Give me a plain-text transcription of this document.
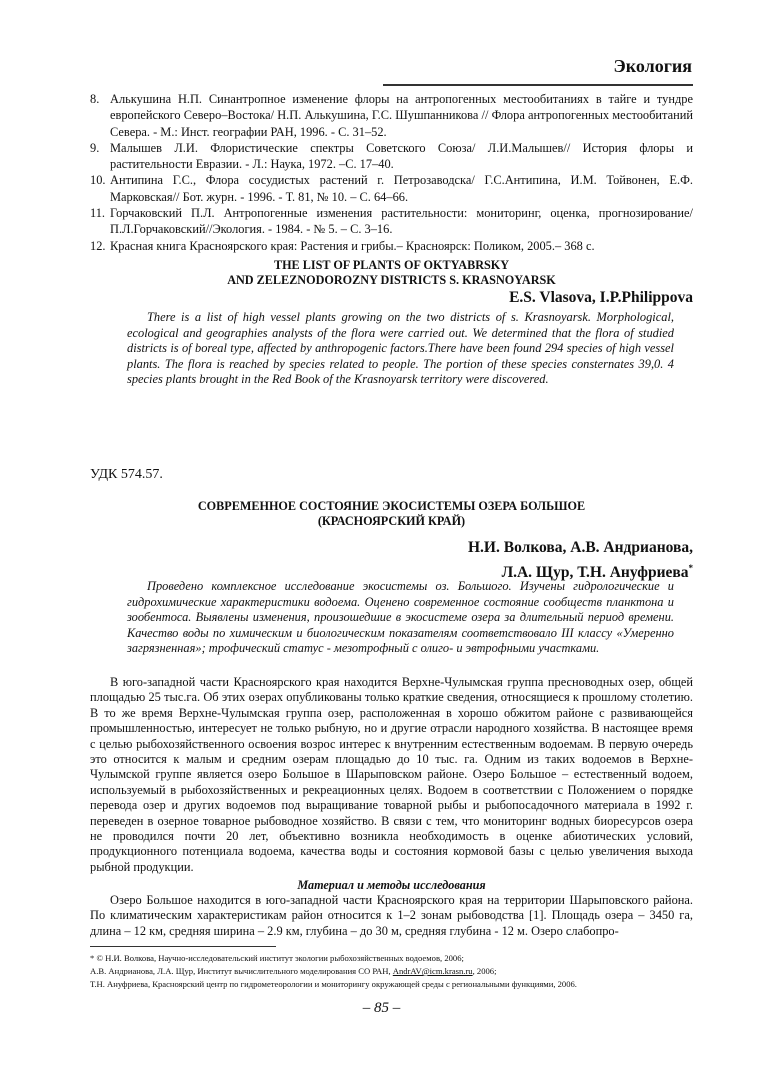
Экология
8. Алькушина Н.П. Синантропное изменение флоры на антропогенных местообитаниях в тайге и тундре европейского Северо–Востока/ Н.П. Алькушина, Г.С. Шушпанникова // Флора антропогенных местообитаний Севера. - М.: Инст. географии РАН, 1996. - С. 31–52.
9. Малышев Л.И. Флористические спектры Советского Союза/ Л.И.Малышев// История флоры и растительности Евразии. - Л.: Наука, 1972. –С. 17–40.
10. Антипина Г.С., Флора сосудистых растений г. Петрозаводска/ Г.С.Антипина, И.М. Тойвонен, Е.Ф. Марковская// Бот. журн. - 1996. - Т. 81, № 10. – С. 64–66.
11. Горчаковский П.Л. Антропогенные изменения растительности: мониторинг, оценка, прогнозирование/ П.Л.Горчаковский//Экология. - 1984. - № 5. – С. 3–16.
12. Красная книга Красноярского края: Растения и грибы.– Красноярск: Поликом, 2005.– 368 с.
THE LIST OF PLANTS OF OKTYABRSKY
AND ZELEZNODOROZNY DISTRICTS S. KRASNOYARSK
E.S. Vlasova, I.P.Philippova
There is a list of high vessel plants growing on the two districts of s. Krasnoyarsk. Morphological, ecological and geographies analysts of the flora were carried out. We determined that the flora of studied districts is of boreal type, affected by anthropogenic factors.There have been found 294 species of high vessel plants. The flora is reached by species related to people. The portion of these species consternates 39,0. 4 species plants brought in the Red Book of the Krasnoyarsk territory were discovered.
УДК 574.57.
СОВРЕМЕННОЕ СОСТОЯНИЕ ЭКОСИСТЕМЫ ОЗЕРА БОЛЬШОЕ
(КРАСНОЯРСКИЙ КРАЙ)
Н.И. Волкова, А.В. Андрианова,
Л.А. Щур, Т.Н. Ануфриева*
Проведено комплексное исследование экосистемы оз. Большого. Изучены гидрологические и гидрохимические характеристики водоема. Оценено современное состояние сообществ планктона и зообентоса. Выявлены изменения, произошедшие в экосистеме озера за длительный период времени. Качество воды по химическим и биологическим показателям соответствовало III классу «Умеренно загрязненная»; трофический статус - мезотрофный с олиго- и эвтрофными участками.
В юго-западной части Красноярского края находится Верхне-Чулымская группа пресноводных озер, общей площадью 25 тыс.га. Об этих озерах опубликованы только краткие сведения, относящиеся к прошлому столетию. В то же время Верхне-Чулымская группа озер, расположенная в хорошо обжитом районе с развивающейся промышленностью, интересует не только рыбную, но и другие отрасли народного хозяйства. В настоящее время с целью рыбохозяйственного освоения возрос интерес к внутренним естественным водоемам. В первую очередь это относится к малым и средним озерам площадью до 10 тыс. га. Одним из таких водоемов в Верхне-Чулымской группе является озеро Большое в Шарыповском районе. Озеро Большое – естественный водоем, используемый в рыбохозяйственных и рекреационных целях. Водоем в соответствии с Положением о порядке перевода озер и других водоемов под выращивание товарной рыбы и рыбопосадочного материала в 1992 г. переведен в озерное товарное рыбоводное хозяйство. В связи с тем, что мониторинг водных биоресурсов озера не проводился почти 20 лет, объективно возникла необходимость в оценке абиотических условий, продукционного потенциала водоема, качества воды и состояния кормовой базы с целью увеличения выхода рыбной продукции.
Материал и методы исследования
Озеро Большое находится в юго-западной части Красноярского края на территории Шарыповского района. По климатическим характеристикам район относится к 1–2 зонам рыбоводства [1]. Площадь озера – 3450 га, длина – 12 км, средняя ширина – 2.9 км, глубина – до 30 м, средняя глубина - 12 м. Озеро слабопро-
* © Н.И. Волкова, Научно-исследовательский институт экологии рыбохозяйственных водоемов, 2006;
А.В. Андрианова, Л.А. Щур, Институт вычислительного моделирования СО РАН, AndrAV@icm.krasn.ru, 2006;
Т.Н. Ануфриева, Красноярский центр по гидрометеорологии и мониторингу окружающей среды с региональными функциями, 2006.
– 85 –
